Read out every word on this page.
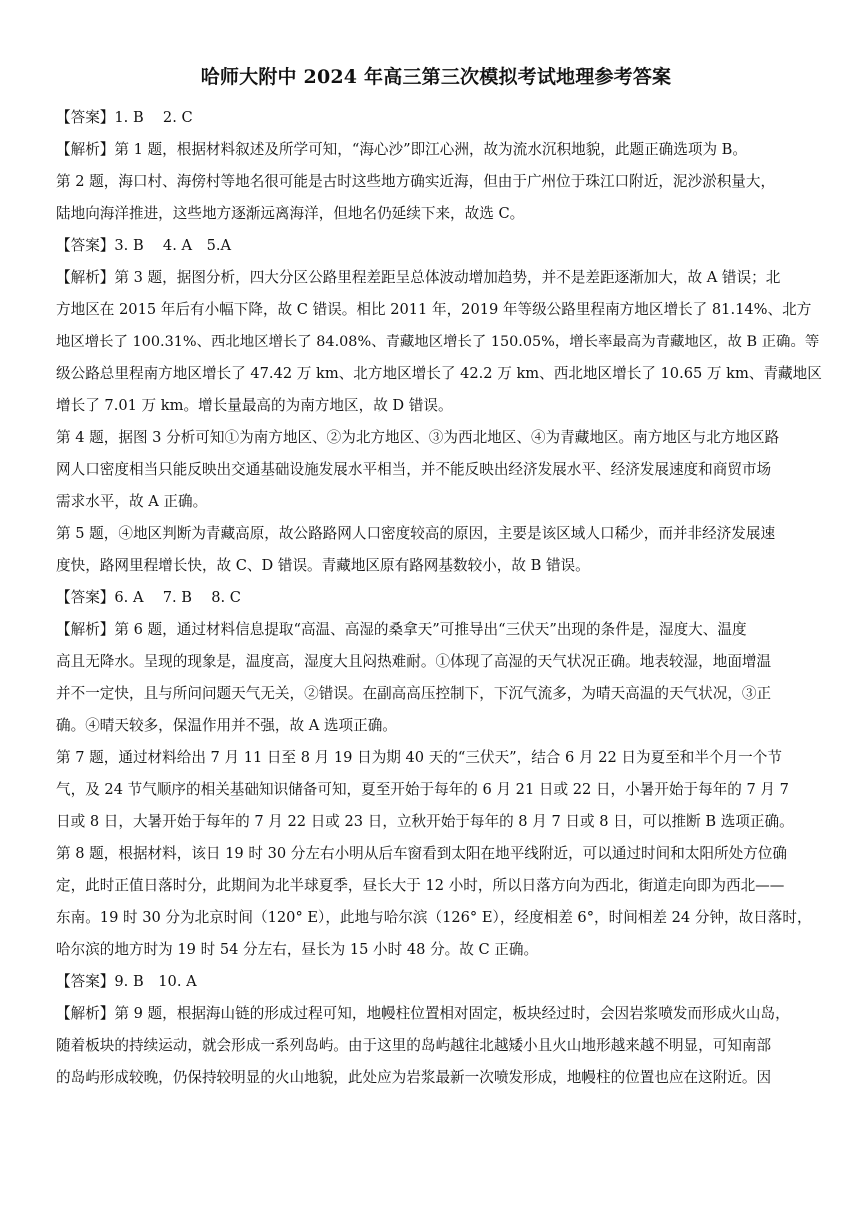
哈师大附中 2024 年高三第三次模拟考试地理参考答案

【答案】1. B　 2. C

【解析】第 1 题，根据材料叙述及所学可知，“海心沙”即江心洲，故为流水沉积地貌，此题正确选项为 B。

第 2 题，海口村、海傍村等地名很可能是古时这些地方确实近海，但由于广州位于珠江口附近，泥沙淤积量大，

陆地向海洋推进，这些地方逐渐远离海洋，但地名仍延续下来，故选 C。

【答案】3. B　 4. A　5.A

【解析】第 3 题，据图分析，四大分区公路里程差距呈总体波动增加趋势，并不是差距逐渐加大，故 A 错误；北

方地区在 2015 年后有小幅下降，故 C 错误。相比 2011 年，2019 年等级公路里程南方地区增长了 81.14%、北方

地区增长了 100.31%、西北地区增长了 84.08%、青藏地区增长了 150.05%，增长率最高为青藏地区，故 B 正确。等

级公路总里程南方地区增长了 47.42 万 km、北方地区增长了 42.2 万 km、西北地区增长了 10.65 万 km、青藏地区

增长了 7.01 万 km。增长量最高的为南方地区，故 D 错误。

第 4 题，据图 3 分析可知①为南方地区、②为北方地区、③为西北地区、④为青藏地区。南方地区与北方地区路

网人口密度相当只能反映出交通基础设施发展水平相当，并不能反映出经济发展水平、经济发展速度和商贸市场

需求水平，故 A 正确。

第 5 题，④地区判断为青藏高原，故公路路网人口密度较高的原因，主要是该区域人口稀少，而并非经济发展速

度快，路网里程增长快，故 C、D 错误。青藏地区原有路网基数较小，故 B 错误。

【答案】6. A　 7. B　 8. C

【解析】第 6 题，通过材料信息提取“高温、高湿的桑拿天”可推导出“三伏天”出现的条件是，湿度大、温度

高且无降水。呈现的现象是，温度高，湿度大且闷热难耐。①体现了高湿的天气状况正确。地表较湿，地面增温

并不一定快，且与所问问题天气无关，②错误。在副高高压控制下，下沉气流多，为晴天高温的天气状况，③正

确。④晴天较多，保温作用并不强，故 A 选项正确。

第 7 题，通过材料给出 7 月 11 日至 8 月 19 日为期 40 天的“三伏天”，结合 6 月 22 日为夏至和半个月一个节

气，及 24 节气顺序的相关基础知识储备可知，夏至开始于每年的 6 月 21 日或 22 日，小暑开始于每年的 7 月 7

日或 8 日，大暑开始于每年的 7 月 22 日或 23 日，立秋开始于每年的 8 月 7 日或 8 日，可以推断 B 选项正确。

第 8 题，根据材料，该日 19 时 30 分左右小明从后车窗看到太阳在地平线附近，可以通过时间和太阳所处方位确

定，此时正值日落时分，此期间为北半球夏季，昼长大于 12 小时，所以日落方向为西北，街道走向即为西北——

东南。19 时 30 分为北京时间（120° E），此地与哈尔滨（126° E），经度相差 6°，时间相差 24 分钟，故日落时，

哈尔滨的地方时为 19 时 54 分左右，昼长为 15 小时 48 分。故 C 正确。

【答案】9. B　10. A

【解析】第 9 题，根据海山链的形成过程可知，地幔柱位置相对固定，板块经过时，会因岩浆喷发而形成火山岛，

随着板块的持续运动，就会形成一系列岛屿。由于这里的岛屿越往北越矮小且火山地形越来越不明显，可知南部

的岛屿形成较晚，仍保持较明显的火山地貌，此处应为岩浆最新一次喷发形成，地幔柱的位置也应在这附近。因
